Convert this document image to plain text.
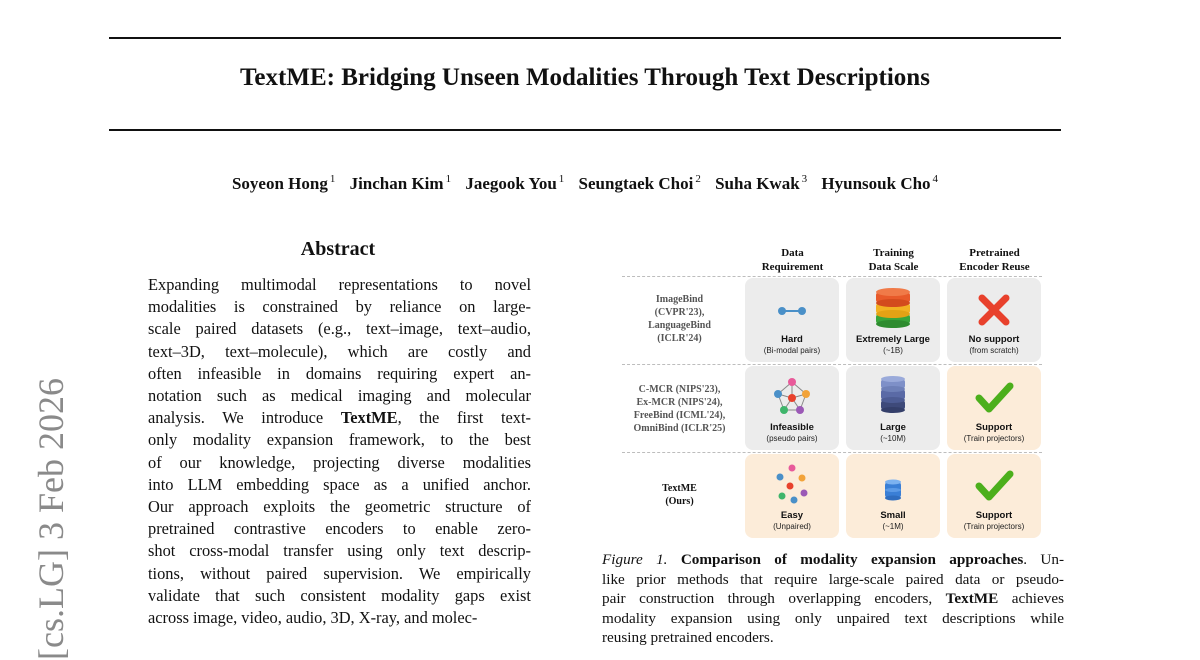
TextME: Bridging Unseen Modalities Through Text Descriptions
Soyeon Hong $^1$ Jinchan Kim $^1$ Jaegook You $^1$ Seungtaek Choi $^2$ Suha Kwak $^3$ Hyunsouk Cho $^4$
[cs.LG] 3 Feb 2026
Abstract
Expanding multimodal representations to novel
modalities is constrained by reliance on large-
scale paired datasets (e.g., text–image, text–audio,
text–3D, text–molecule), which are costly and
often infeasible in domains requiring expert an-
notation such as medical imaging and molecular
analysis. We introduce TextME, the first text-
only modality expansion framework, to the best
of our knowledge, projecting diverse modalities
into LLM embedding space as a unified anchor.
Our approach exploits the geometric structure of
pretrained contrastive encoders to enable zero-
shot cross-modal transfer using only text descrip-
tions, without paired supervision. We empirically
validate that such consistent modality gaps exist
across image, video, audio, 3D, X-ray, and molec-
Data
Requirement
Training
Data Scale
Pretrained
Encoder Reuse
ImageBind
(CVPR'23),
LanguageBind
(ICLR'24)	Hard
(Bi-modal pairs)
Extremely Large
(~1B)
No support
(from scratch)
C-MCR (NIPS'23),
Ex-MCR (NIPS'24),
FreeBind (ICML'24),
OmniBind (ICLR'25)	Infeasible
(pseudo pairs)
Large
(~10M)
Support
(Train projectors)
TextME
(Ours)
Easy
(Unpaired)
Small
(~1M)
Support
(Train projectors)
Figure 1. Comparison of modality expansion approaches. Un-
like prior methods that require large-scale paired data or pseudo-
pair construction through overlapping encoders, TextME achieves
modality expansion using only unpaired text descriptions while
reusing pretrained encoders.
